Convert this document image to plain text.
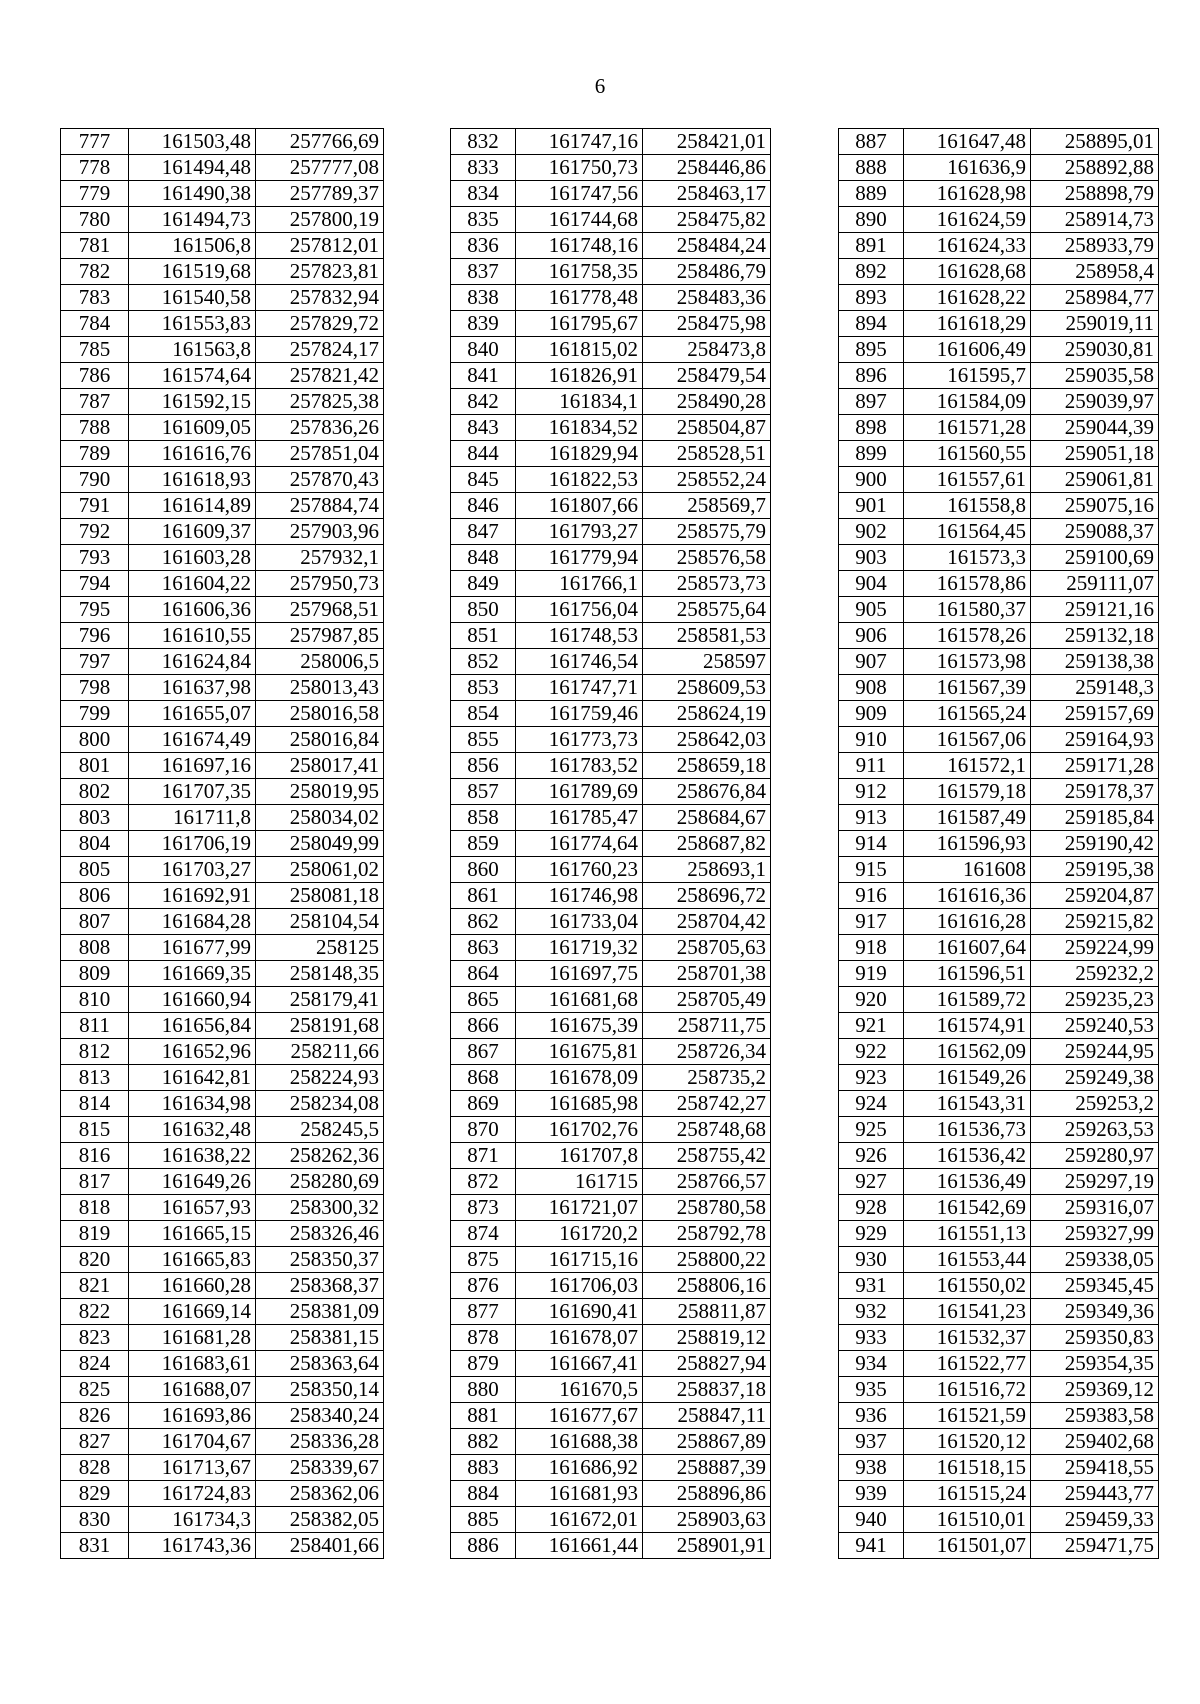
6
777	161503,48	257766,69
778	161494,48	257777,08
779	161490,38	257789,37
780	161494,73	257800,19
781	161506,8	257812,01
782	161519,68	257823,81
783	161540,58	257832,94
784	161553,83	257829,72
785	161563,8	257824,17
786	161574,64	257821,42
787	161592,15	257825,38
788	161609,05	257836,26
789	161616,76	257851,04
790	161618,93	257870,43
791	161614,89	257884,74
792	161609,37	257903,96
793	161603,28	257932,1
794	161604,22	257950,73
795	161606,36	257968,51
796	161610,55	257987,85
797	161624,84	258006,5
798	161637,98	258013,43
799	161655,07	258016,58
800	161674,49	258016,84
801	161697,16	258017,41
802	161707,35	258019,95
803	161711,8	258034,02
804	161706,19	258049,99
805	161703,27	258061,02
806	161692,91	258081,18
807	161684,28	258104,54
808	161677,99	258125
809	161669,35	258148,35
810	161660,94	258179,41
811	161656,84	258191,68
812	161652,96	258211,66
813	161642,81	258224,93
814	161634,98	258234,08
815	161632,48	258245,5
816	161638,22	258262,36
817	161649,26	258280,69
818	161657,93	258300,32
819	161665,15	258326,46
820	161665,83	258350,37
821	161660,28	258368,37
822	161669,14	258381,09
823	161681,28	258381,15
824	161683,61	258363,64
825	161688,07	258350,14
826	161693,86	258340,24
827	161704,67	258336,28
828	161713,67	258339,67
829	161724,83	258362,06
830	161734,3	258382,05
831	161743,36	258401,66
832	161747,16	258421,01
833	161750,73	258446,86
834	161747,56	258463,17
835	161744,68	258475,82
836	161748,16	258484,24
837	161758,35	258486,79
838	161778,48	258483,36
839	161795,67	258475,98
840	161815,02	258473,8
841	161826,91	258479,54
842	161834,1	258490,28
843	161834,52	258504,87
844	161829,94	258528,51
845	161822,53	258552,24
846	161807,66	258569,7
847	161793,27	258575,79
848	161779,94	258576,58
849	161766,1	258573,73
850	161756,04	258575,64
851	161748,53	258581,53
852	161746,54	258597
853	161747,71	258609,53
854	161759,46	258624,19
855	161773,73	258642,03
856	161783,52	258659,18
857	161789,69	258676,84
858	161785,47	258684,67
859	161774,64	258687,82
860	161760,23	258693,1
861	161746,98	258696,72
862	161733,04	258704,42
863	161719,32	258705,63
864	161697,75	258701,38
865	161681,68	258705,49
866	161675,39	258711,75
867	161675,81	258726,34
868	161678,09	258735,2
869	161685,98	258742,27
870	161702,76	258748,68
871	161707,8	258755,42
872	161715	258766,57
873	161721,07	258780,58
874	161720,2	258792,78
875	161715,16	258800,22
876	161706,03	258806,16
877	161690,41	258811,87
878	161678,07	258819,12
879	161667,41	258827,94
880	161670,5	258837,18
881	161677,67	258847,11
882	161688,38	258867,89
883	161686,92	258887,39
884	161681,93	258896,86
885	161672,01	258903,63
886	161661,44	258901,91
887	161647,48	258895,01
888	161636,9	258892,88
889	161628,98	258898,79
890	161624,59	258914,73
891	161624,33	258933,79
892	161628,68	258958,4
893	161628,22	258984,77
894	161618,29	259019,11
895	161606,49	259030,81
896	161595,7	259035,58
897	161584,09	259039,97
898	161571,28	259044,39
899	161560,55	259051,18
900	161557,61	259061,81
901	161558,8	259075,16
902	161564,45	259088,37
903	161573,3	259100,69
904	161578,86	259111,07
905	161580,37	259121,16
906	161578,26	259132,18
907	161573,98	259138,38
908	161567,39	259148,3
909	161565,24	259157,69
910	161567,06	259164,93
911	161572,1	259171,28
912	161579,18	259178,37
913	161587,49	259185,84
914	161596,93	259190,42
915	161608	259195,38
916	161616,36	259204,87
917	161616,28	259215,82
918	161607,64	259224,99
919	161596,51	259232,2
920	161589,72	259235,23
921	161574,91	259240,53
922	161562,09	259244,95
923	161549,26	259249,38
924	161543,31	259253,2
925	161536,73	259263,53
926	161536,42	259280,97
927	161536,49	259297,19
928	161542,69	259316,07
929	161551,13	259327,99
930	161553,44	259338,05
931	161550,02	259345,45
932	161541,23	259349,36
933	161532,37	259350,83
934	161522,77	259354,35
935	161516,72	259369,12
936	161521,59	259383,58
937	161520,12	259402,68
938	161518,15	259418,55
939	161515,24	259443,77
940	161510,01	259459,33
941	161501,07	259471,75
